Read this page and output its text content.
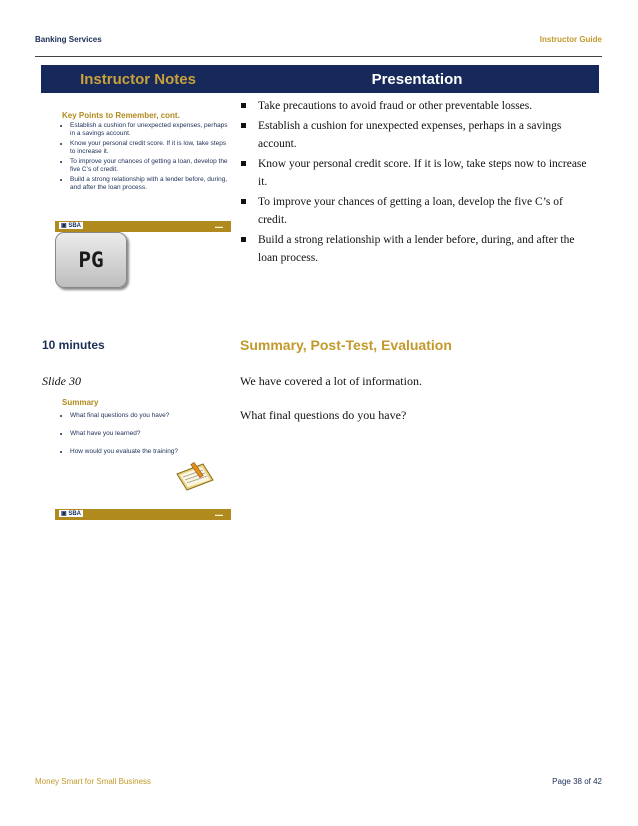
Banking Services	Instructor Guide
Instructor Notes	Presentation
Key Points to Remember, cont.
• Establish a cushion for unexpected expenses, perhaps in a savings account.
• Know your personal credit score. If it is low, take steps to increase it.
• To improve your chances of getting a loan, develop the five C’s of credit.
• Build a strong relationship with a lender before, during, and after the loan process.
▣ SBA	▬▬
PG
Take precautions to avoid fraud or other preventable losses.
Establish a cushion for unexpected expenses, perhaps in a savings account.
Know your personal credit score. If it is low, take steps now to increase it.
To improve your chances of getting a loan, develop the five C’s of credit.
Build a strong relationship with a lender before, during, and after the loan process.
10 minutes	Summary, Post-Test, Evaluation
Slide 30	We have covered a lot of information.
What final questions do you have?
Summary
• What final questions do you have?
• What have you learned?
• How would you evaluate the training?
▣ SBA	▬▬
Money Smart for Small Business	Page 38 of 42
